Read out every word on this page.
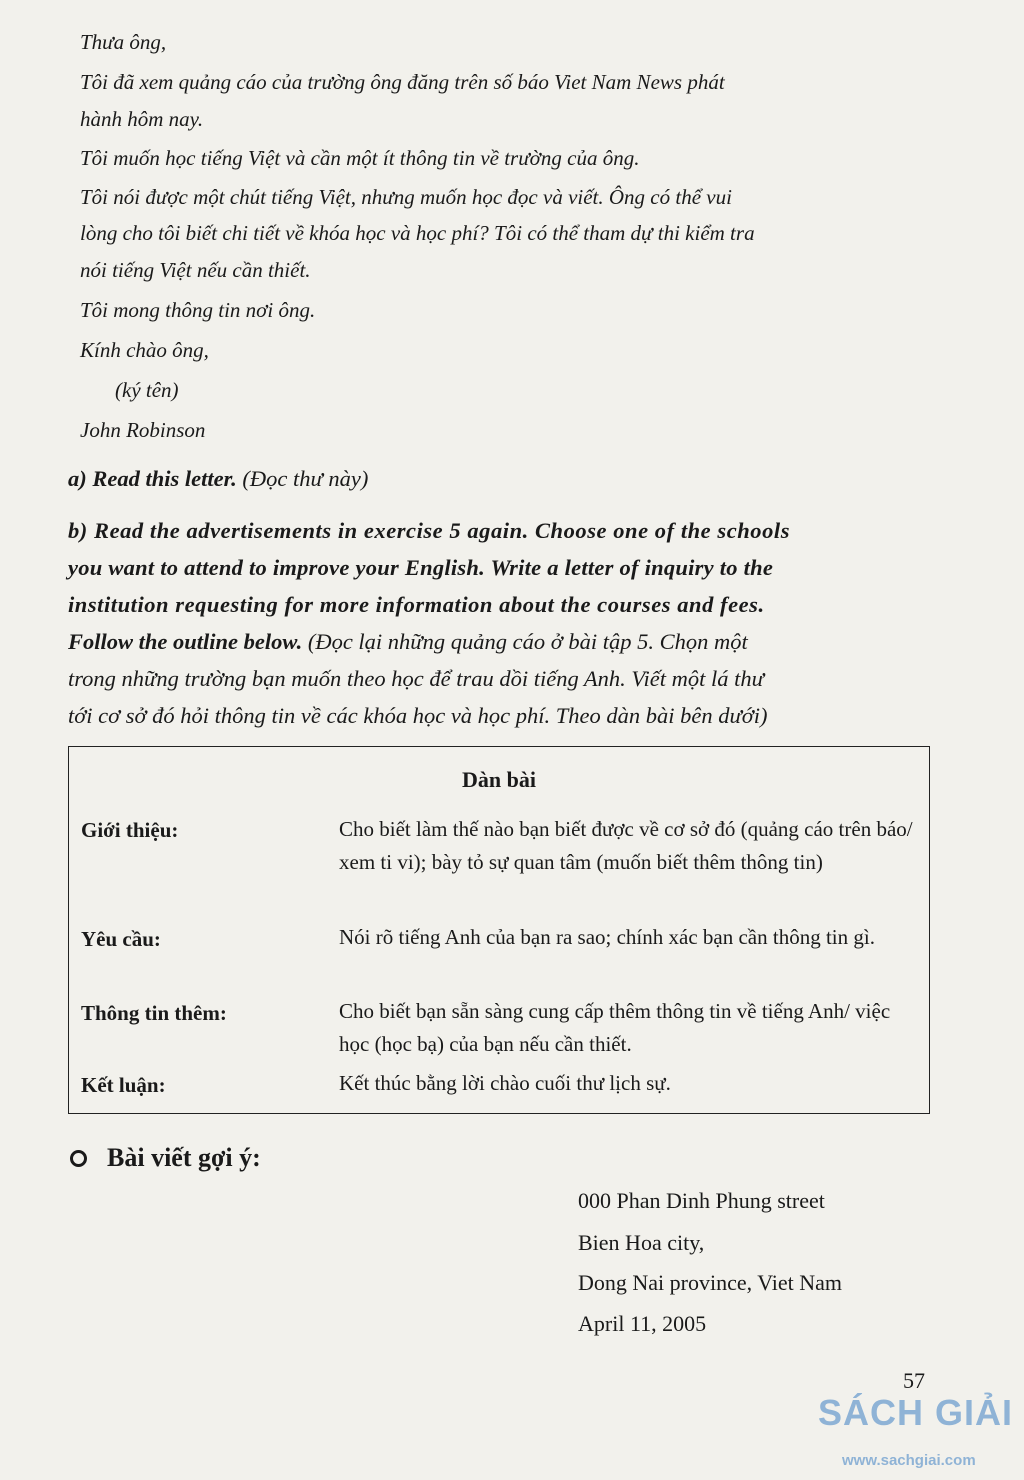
Thưa ông,
Tôi đã xem quảng cáo của trường ông đăng trên số báo Viet Nam News phát
hành hôm nay.
Tôi muốn học tiếng Việt và cần một ít thông tin về trường của ông.
Tôi nói được một chút tiếng Việt, nhưng muốn học đọc và viết. Ông có thể vui
lòng cho tôi biết chi tiết về khóa học và học phí? Tôi có thể tham dự thi kiểm tra
nói tiếng Việt nếu cần thiết.
Tôi mong thông tin nơi ông.
Kính chào ông,
(ký tên)
John Robinson
a) Read this letter. (Đọc thư này)
b) Read the advertisements in exercise 5 again. Choose one of the schools
you want to attend to improve your English. Write a letter of inquiry to the
institution requesting for more information about the courses and fees.
Follow the outline below. (Đọc lại những quảng cáo ở bài tập 5. Chọn một
trong những trường bạn muốn theo học để trau dồi tiếng Anh. Viết một lá thư
tới cơ sở đó hỏi thông tin về các khóa học và học phí. Theo dàn bài bên dưới)
Dàn bài
Giới thiệu:	Cho biết làm thế nào bạn biết được về cơ sở đó (quảng cáo trên báo/ xem ti vi); bày tỏ sự quan tâm (muốn biết thêm thông tin)
Yêu cầu:	Nói rõ tiếng Anh của bạn ra sao; chính xác bạn cần thông tin gì.
Thông tin thêm:	Cho biết bạn sẵn sàng cung cấp thêm thông tin về tiếng Anh/ việc học (học bạ) của bạn nếu cần thiết.
Kết luận:	Kết thúc bằng lời chào cuối thư lịch sự.
Bài viết gợi ý:
000 Phan Dinh Phung street
Bien Hoa city,
Dong Nai province, Viet Nam
April 11, 2005
57
SÁCH GIẢI
www.sachgiai.com
